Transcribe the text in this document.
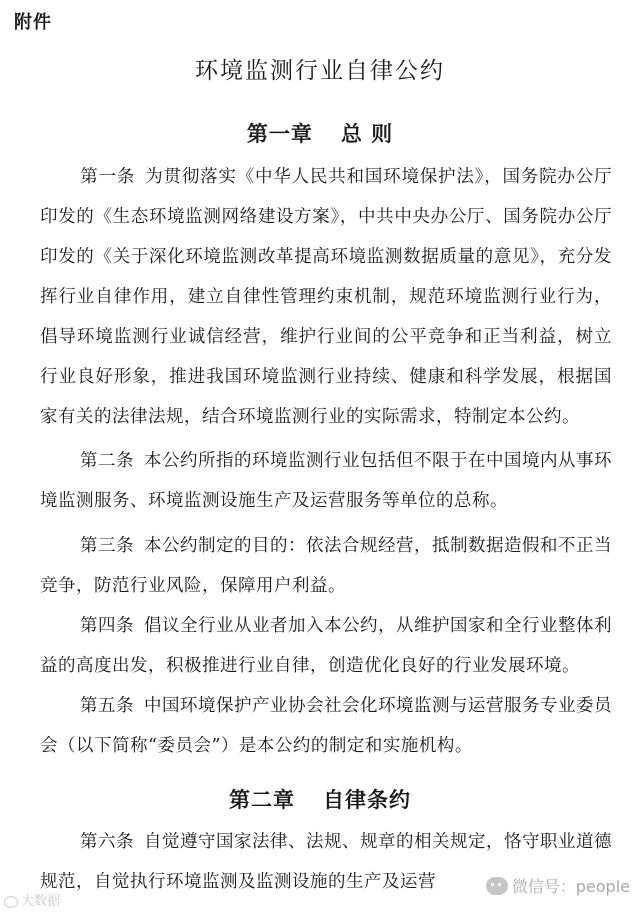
附件
环境监测行业自律公约
第一章 总 则
第一条 为贯彻落实《中华人民共和国环境保护法》，国务院办公厅印发的《生态环境监测网络建设方案》，中共中央办公厅、国务院办公厅印发的《关于深化环境监测改革提高环境监测数据质量的意见》，充分发挥行业自律作用，建立自律性管理约束机制，规范环境监测行业行为，倡导环境监测行业诚信经营，维护行业间的公平竞争和正当利益，树立行业良好形象，推进我国环境监测行业持续、健康和科学发展，根据国家有关的法律法规，结合环境监测行业的实际需求，特制定本公约。
第二条 本公约所指的环境监测行业包括但不限于在中国境内从事环境监测服务、环境监测设施生产及运营服务等单位的总称。
第三条 本公约制定的目的：依法合规经营，抵制数据造假和不正当竞争，防范行业风险，保障用户利益。
第四条 倡议全行业从业者加入本公约，从维护国家和全行业整体利益的高度出发，积极推进行业自律，创造优化良好的行业发展环境。
第五条 中国环境保护产业协会社会化环境监测与运营服务专业委员会（以下简称“委员会”）是本公约的制定和实施机构。
第二章 自律条约
第六条 自觉遵守国家法律、法规、规章的相关规定，恪守职业道德规范，自觉执行环境监测及监测设施的生产及运营
大数据
微信号：people
